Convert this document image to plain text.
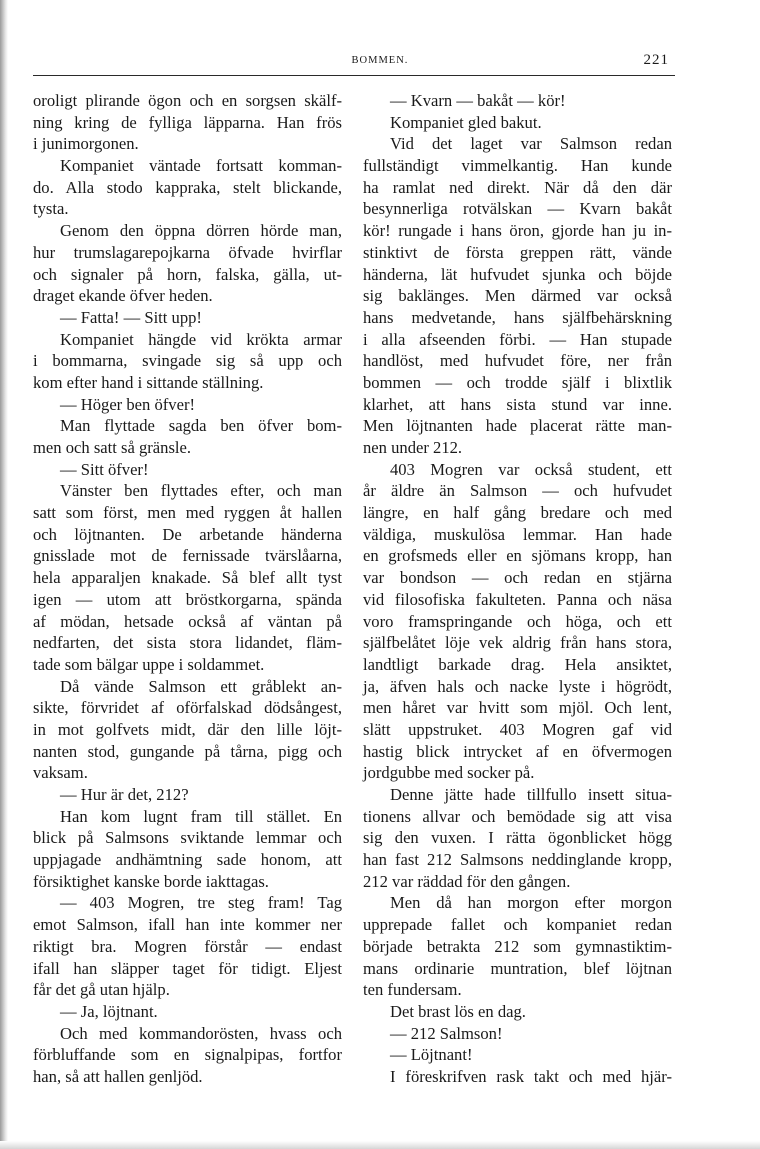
BOMMEN.	221
oroligt plirande ögon och en sorgsen skälf-
ning kring de fylliga läpparna. Han frös
i junimorgonen.
Kompaniet väntade fortsatt komman-
do. Alla stodo kappraka, stelt blickande,
tysta.
Genom den öppna dörren hörde man,
hur trumslagarepojkarna öfvade hvirflar
och signaler på horn, falska, gälla, ut-
draget ekande öfver heden.
— Fatta! — Sitt upp!
Kompaniet hängde vid krökta armar
i bommarna, svingade sig så upp och
kom efter hand i sittande ställning.
— Höger ben öfver!
Man flyttade sagda ben öfver bom-
men och satt så gränsle.
— Sitt öfver!
Vänster ben flyttades efter, och man
satt som först, men med ryggen åt hallen
och löjtnanten. De arbetande händerna
gnisslade mot de fernissade tvärslåarna,
hela apparaljen knakade. Så blef allt tyst
igen — utom att bröstkorgarna, spända
af mödan, hetsade också af väntan på
nedfarten, det sista stora lidandet, fläm-
tade som bälgar uppe i soldammet.
Då vände Salmson ett gråblekt an-
sikte, förvridet af oförfalskad dödsångest,
in mot golfvets midt, där den lille löjt-
nanten stod, gungande på tårna, pigg och
vaksam.
— Hur är det, 212?
Han kom lugnt fram till stället. En
blick på Salmsons sviktande lemmar och
uppjagade andhämtning sade honom, att
försiktighet kanske borde iakttagas.
— 403 Mogren, tre steg fram! Tag
emot Salmson, ifall han inte kommer ner
riktigt bra. Mogren förstår — endast
ifall han släpper taget för tidigt. Eljest
får det gå utan hjälp.
— Ja, löjtnant.
Och med kommandorösten, hvass och
förbluffande som en signalpipas, fortfor
han, så att hallen genljöd.
— Kvarn — bakåt — kör!
Kompaniet gled bakut.
Vid det laget var Salmson redan
fullständigt vimmelkantig. Han kunde
ha ramlat ned direkt. När då den där
besynnerliga rotvälskan — Kvarn bakåt
kör! rungade i hans öron, gjorde han ju in-
stinktivt de första greppen rätt, vände
händerna, lät hufvudet sjunka och böjde
sig baklänges. Men därmed var också
hans medvetande, hans själfbehärskning
i alla afseenden förbi. — Han stupade
handlöst, med hufvudet före, ner från
bommen — och trodde själf i blixtlik
klarhet, att hans sista stund var inne.
Men löjtnanten hade placerat rätte man-
nen under 212.
403 Mogren var också student, ett
år äldre än Salmson — och hufvudet
längre, en half gång bredare och med
väldiga, muskulösa lemmar. Han hade
en grofsmeds eller en sjömans kropp, han
var bondson — och redan en stjärna
vid filosofiska fakulteten. Panna och näsa
voro framspringande och höga, och ett
själfbelåtet löje vek aldrig från hans stora,
landtligt barkade drag. Hela ansiktet,
ja, äfven hals och nacke lyste i högrödt,
men håret var hvitt som mjöl. Och lent,
slätt uppstruket. 403 Mogren gaf vid
hastig blick intrycket af en öfvermogen
jordgubbe med socker på.
Denne jätte hade tillfullo insett situa-
tionens allvar och bemödade sig att visa
sig den vuxen. I rätta ögonblicket högg
han fast 212 Salmsons neddinglande kropp,
212 var räddad för den gången.
Men då han morgon efter morgon
upprepade fallet och kompaniet redan
började betrakta 212 som gymnastiktim-
mans ordinarie muntration, blef löjtnan
ten fundersam.
Det brast lös en dag.
— 212 Salmson!
— Löjtnant!
I föreskrifven rask takt och med hjär-
